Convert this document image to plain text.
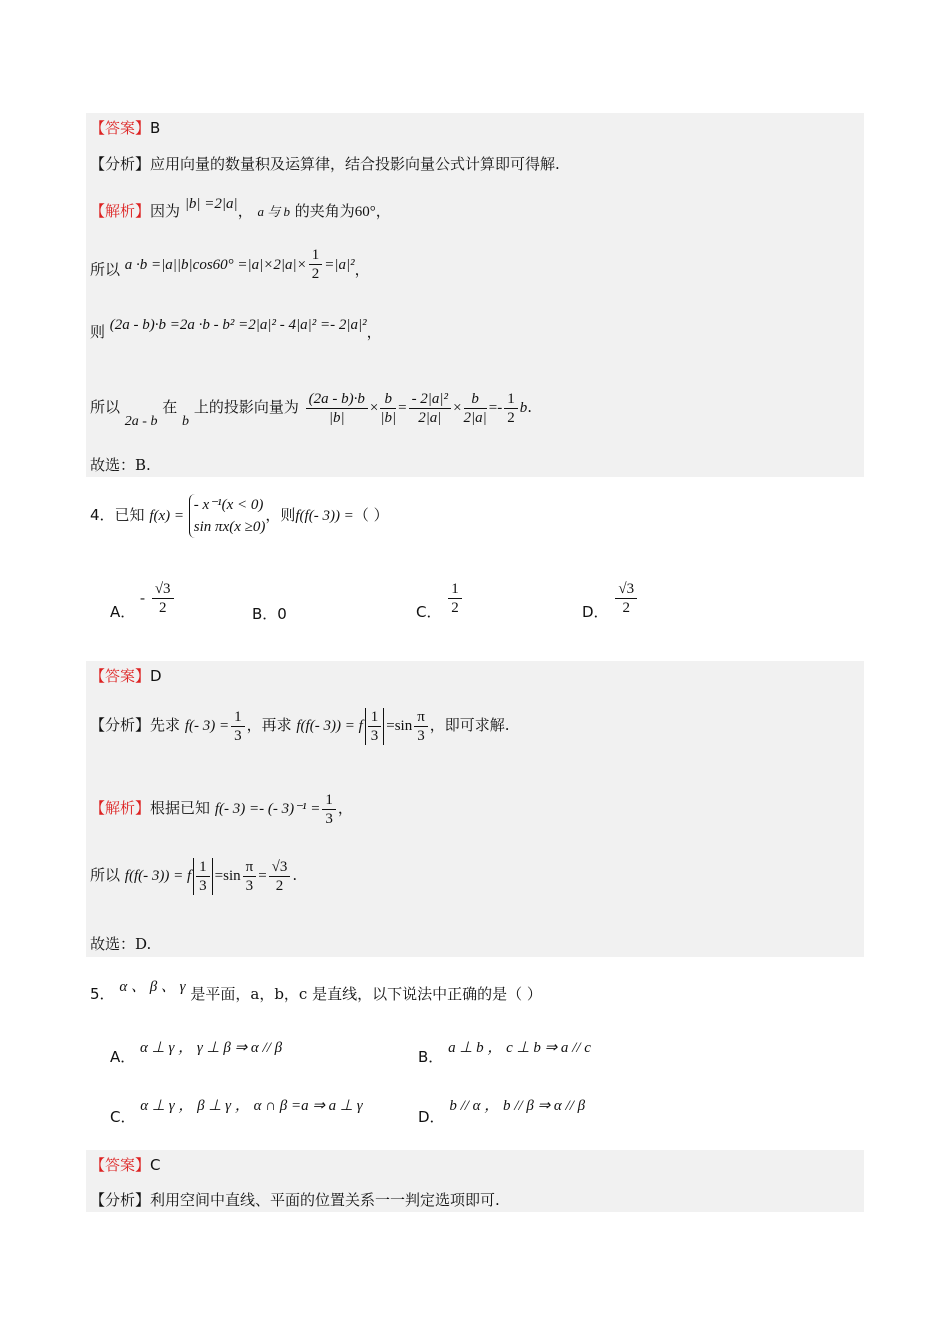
【答案】B
【分析】应用向量的数量积及运算律，结合投影向量公式计算即可得解.
【解析】因为 |b| =2|a|， a 与 b 的夹角为60°，
所以 $a \cdot b =|a||b|\cos 60^\circ =|a|\times 2|a|\times \frac{1}{2} =|a|^2$，
则 (2a - b)·b =2a ·b - b² =2|a|² - 4|a|² =- 2|a|²，
所以 2a - b 在 b 上的投影向量为 $\frac{(2a - b)\cdot b}{|b|} \times \frac{b}{|b|} = \frac{\text{- 2|a|²}}{2|a|} \times \frac{b}{2|a|} =- \frac{1}{2} b$.
故选：B.
4．已知 f(x) =
- x⁻¹(x < 0)
sin πx(x ≥0)
，则f(f(- 3)) =（ ）
A． - $\frac{√3}{2}$	B．0	C． $\frac{1}{2}$	D． $\frac{√3}{2}$
【答案】D
【分析】先求 f(- $3) = \frac{1}{3}$ ，再求 f(f(- 3)) = f $\frac{1}{3} =\sin \frac{\pi}{3}$ ，即可求解.
【解析】根据已知 f(- 3) =- (- $3)^{-1} = \frac{1}{3}$ ，
所以 f(f(- 3)) = f $\frac{1}{3} =\sin \frac{\pi}{3} = \frac{√3}{2}$ .
故选：D.
5． α 、 β 、 γ 是平面，a，b，c 是直线，以下说法中正确的是（ ）
A． α ⊥ γ ， γ ⊥ β ⇒ α // β	B． a ⊥ b ， c ⊥ b ⇒ a // c
C． α ⊥ γ ， β ⊥ γ ， α ∩ β =a ⇒ a ⊥ γ
D． b // α ， b // β ⇒ α // β
【答案】C
【分析】利用空间中直线、平面的位置关系一一判定选项即可.
